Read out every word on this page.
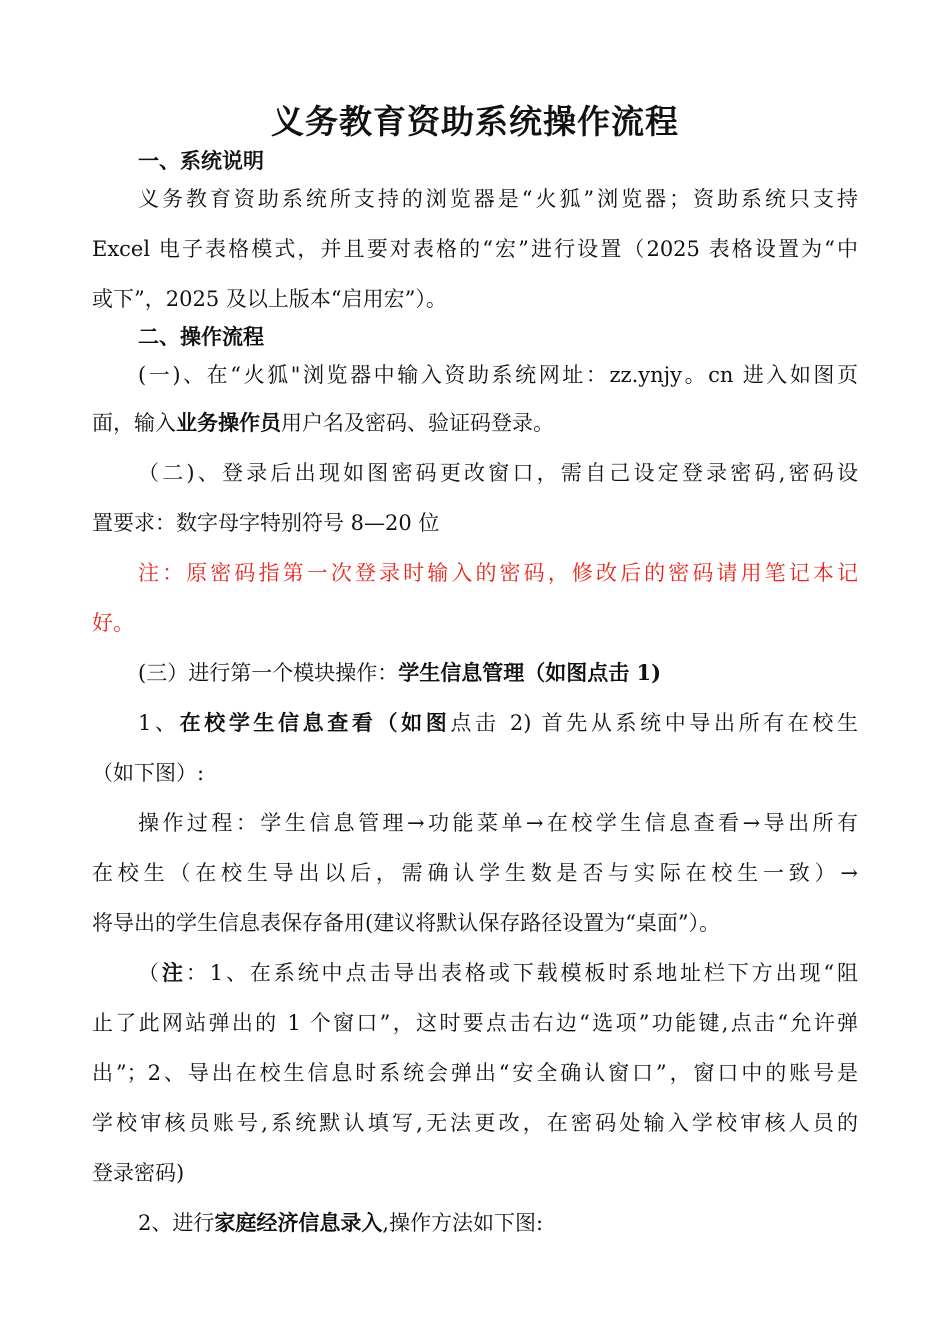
义务教育资助系统操作流程
一、系统说明
义务教育资助系统所支持的浏览器是“火狐”浏览器；资助系统只支持
Excel 电子表格模式，并且要对表格的“宏”进行设置（2025 表格设置为“中
或下”，2025 及以上版本“启用宏”）。
二、操作流程
(一)、在“火狐"浏览器中输入资助系统网址：zz.ynjy。cn 进入如图页
面，输入业务操作员用户名及密码、验证码登录。
（二)、登录后出现如图密码更改窗口，需自己设定登录密码,密码设
置要求：数字母字特别符号 8—20 位
注：原密码指第一次登录时输入的密码，修改后的密码请用笔记本记
好。
(三）进行第一个模块操作：学生信息管理（如图点击 1)
1、在校学生信息查看（如图点击 2) 首先从系统中导出所有在校生
（如下图）:
操作过程：学生信息管理→功能菜单→在校学生信息查看→导出所有
在校生（在校生导出以后，需确认学生数是否与实际在校生一致）→
将导出的学生信息表保存备用(建议将默认保存路径设置为“桌面”）。
（注：1、在系统中点击导出表格或下载模板时系地址栏下方出现“阻
止了此网站弹出的 1 个窗口”，这时要点击右边“选项”功能键,点击“允许弹
出”；2、导出在校生信息时系统会弹出“安全确认窗口”，窗口中的账号是
学校审核员账号,系统默认填写,无法更改，在密码处输入学校审核人员的
登录密码)
2、进行家庭经济信息录入,操作方法如下图:
